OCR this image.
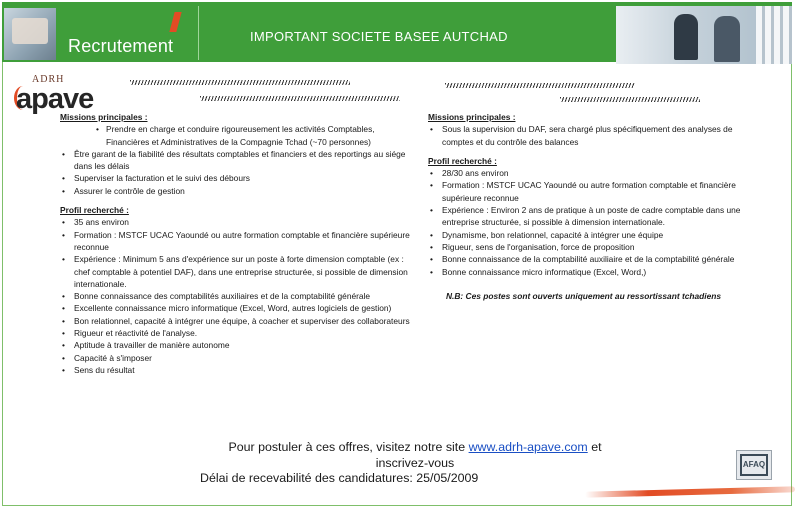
Recrutement	IMPORTANT SOCIETE BASEE AUTCHAD
ADRH
apave
Missions principales :
• Prendre en charge et conduire rigoureusement les activités Comptables, Financières et Administratives de la Compagnie Tchad (~70 personnes)
• Être garant de la fiabilité des résultats comptables et financiers et des reportings au siége dans les délais
• Superviser la facturation et le suivi des débours
• Assurer le contrôle de gestion
Profil recherché :
• 35 ans environ
• Formation : MSTCF UCAC Yaoundé ou autre formation comptable et financière supérieure reconnue
• Expérience : Minimum 5 ans d'expérience sur un poste à forte dimension comptable (ex : chef comptable à potentiel DAF), dans une entreprise structurée, si possible de dimension internationale.
• Bonne connaissance des comptabilités auxiliaires et de la comptabilité générale
• Excellente connaissance micro informatique (Excel, Word, autres logiciels de gestion)
• Bon relationnel, capacité à intégrer une équipe, à coacher et superviser des collaborateurs
• Rigueur et réactivité de l'analyse.
• Aptitude à travailler de manière autonome
• Capacité à s'imposer
• Sens du résultat
Missions principales :
• Sous la supervision du DAF, sera chargé plus spécifiquement des analyses de comptes et du contrôle des balances
Profil recherché :
• 28/30 ans environ
• Formation : MSTCF UCAC Yaoundé ou autre formation comptable et financière supérieure reconnue
• Expérience : Environ 2 ans de pratique à un poste de cadre comptable dans une entreprise structurée, si possible à dimension internationale.
• Dynamisme, bon relationnel, capacité à intégrer une équipe
• Rigueur, sens de l'organisation, force de proposition
• Bonne connaissance de la comptabilité auxiliaire et de la comptabilité générale
• Bonne connaissance micro informatique (Excel, Word,)
N.B: Ces postes sont ouverts uniquement au ressortissant tchadiens
Pour postuler à ces offres, visitez notre site www.adrh-apave.com et
inscrivez-vous
Délai de recevabilité des candidatures: 25/05/2009
AFAQ
